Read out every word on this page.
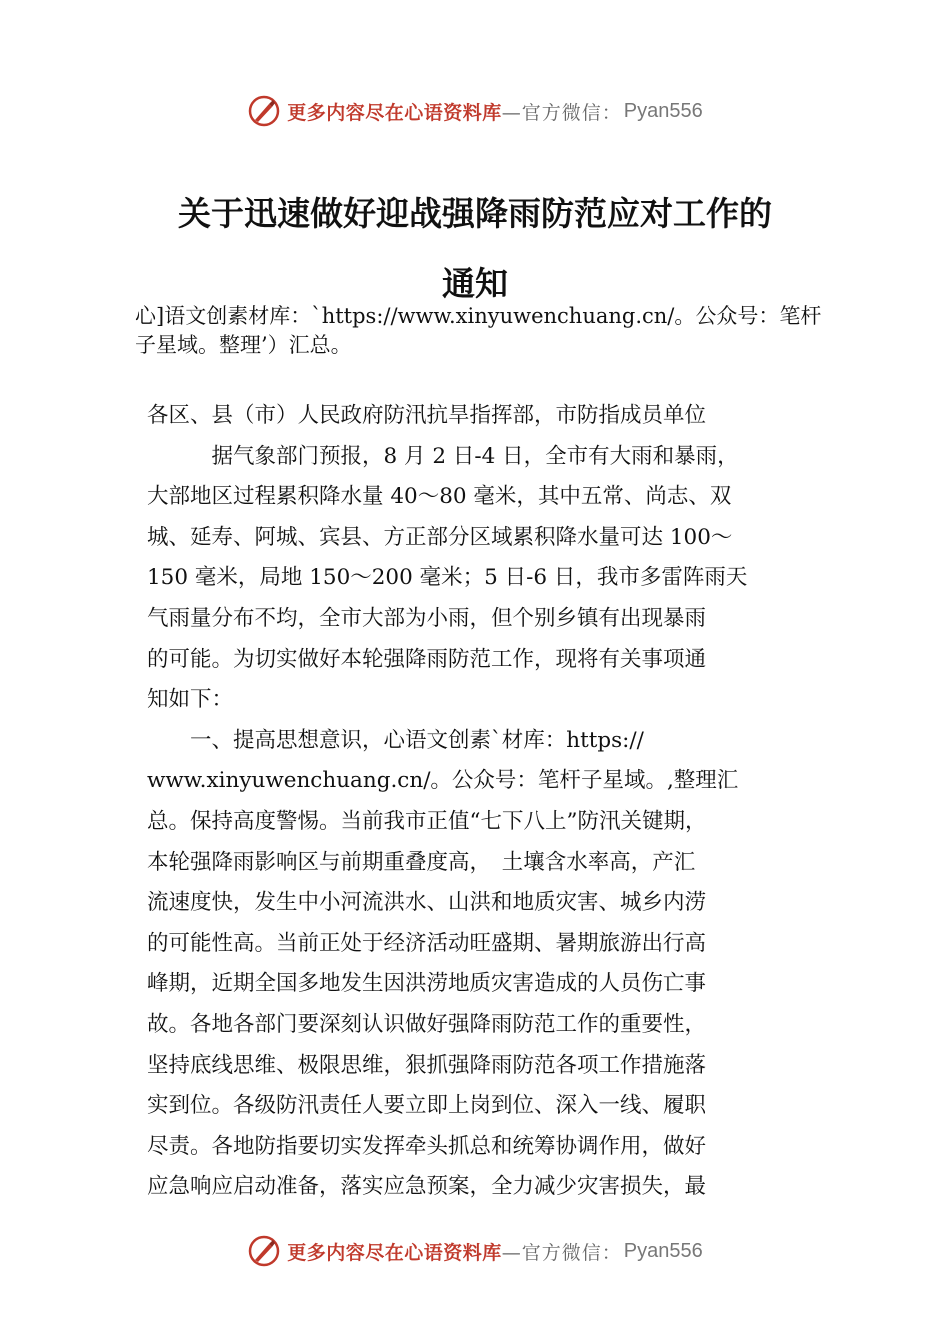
更多内容尽在心语资料库 —官方微信： Pyan556
关于迅速做好迎战强降雨防范应对工作的
通知
心]语文创素材库：`https://www.xinyuwenchuang.cn/。公众号：笔杆子星域。整理’）汇总。
各区、县（市）人民政府防汛抗旱指挥部，市防指成员单位
　　　据气象部门预报，8 月 2 日-4 日，全市有大雨和暴雨，
大部地区过程累积降水量 40～80 毫米，其中五常、尚志、双
城、延寿、阿城、宾县、方正部分区域累积降水量可达 100～
150 毫米，局地 150～200 毫米；5 日-6 日，我市多雷阵雨天
气雨量分布不均，全市大部为小雨，但个别乡镇有出现暴雨
的可能。为切实做好本轮强降雨防范工作，现将有关事项通
知如下：
　　一、提高思想意识，心语文创素`材库：https://
www.xinyuwenchuang.cn/。公众号：笔杆子星域。,整理汇
总。保持高度警惕。当前我市正值“七下八上”防汛关键期，
本轮强降雨影响区与前期重叠度高，　土壤含水率高，产汇
流速度快，发生中小河流洪水、山洪和地质灾害、城乡内涝
的可能性高。当前正处于经济活动旺盛期、暑期旅游出行高
峰期，近期全国多地发生因洪涝地质灾害造成的人员伤亡事
故。各地各部门要深刻认识做好强降雨防范工作的重要性，
坚持底线思维、极限思维，狠抓强降雨防范各项工作措施落
实到位。各级防汛责任人要立即上岗到位、深入一线、履职
尽责。各地防指要切实发挥牵头抓总和统筹协调作用，做好
应急响应启动准备，落实应急预案，全力减少灾害损失，最
更多内容尽在心语资料库 —官方微信： Pyan556
